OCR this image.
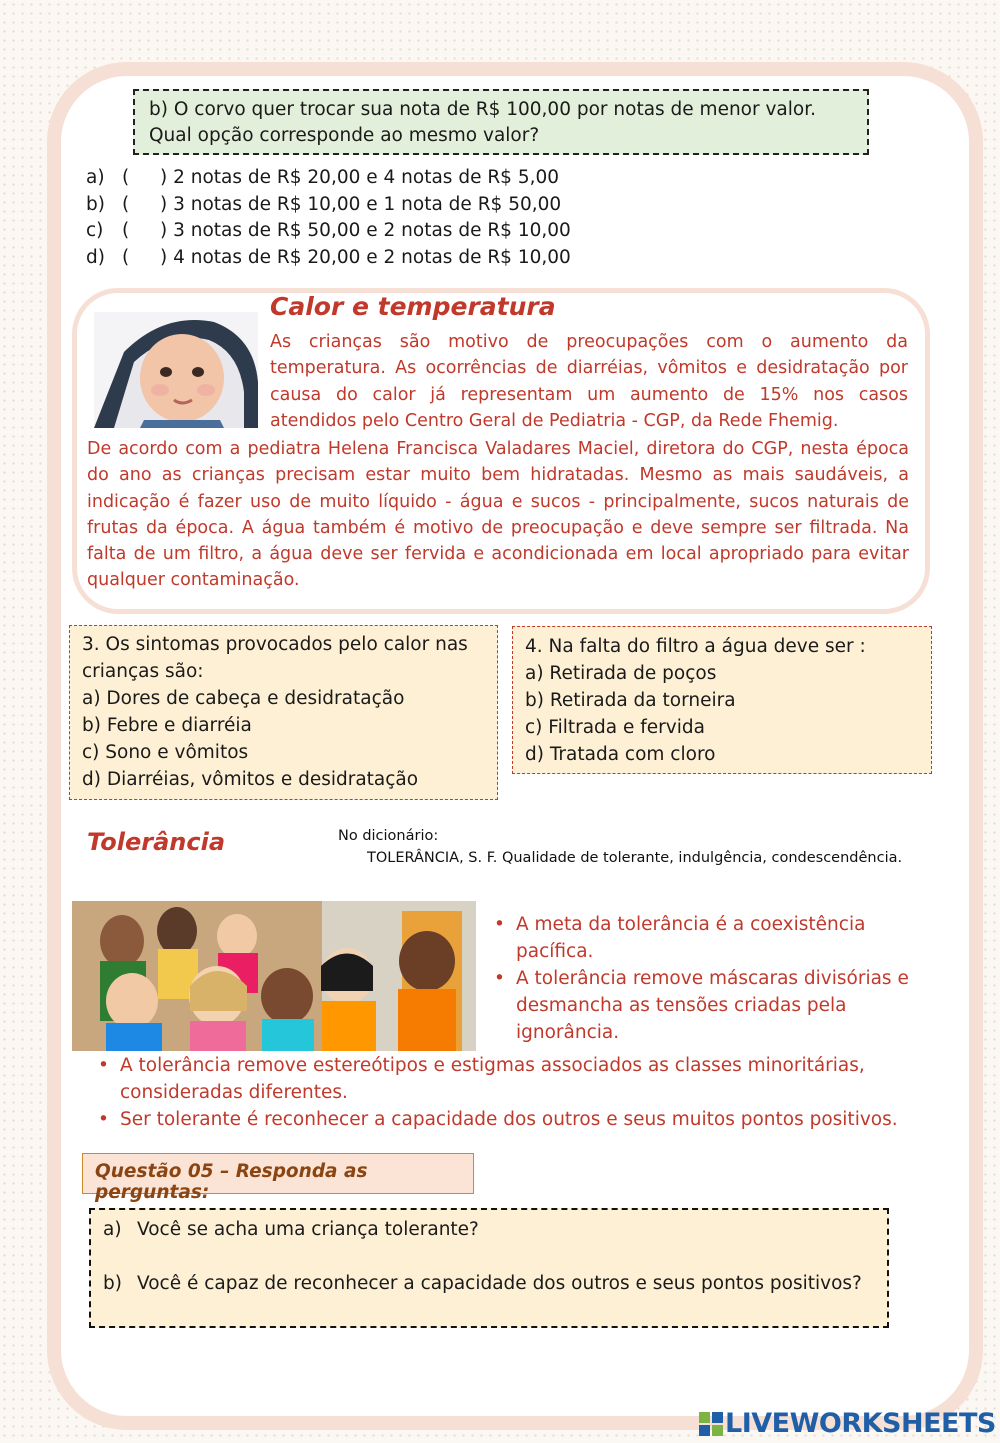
b) O corvo quer trocar sua nota de R$ 100,00 por notas de menor valor. Qual opção corresponde ao mesmo valor?
a) (	) 2 notas de R$ 20,00 e 4 notas de R$ 5,00
b) (	) 3 notas de R$ 10,00 e 1 nota de R$ 50,00
c)	(	) 3 notas de R$ 50,00 e 2 notas de R$ 10,00
d) (	) 4 notas de R$ 20,00 e 2 notas de R$ 10,00
Calor e temperatura

As crianças são motivo de preocupações com o aumento da temperatura. As ocorrências de diarréias, vômitos e desidratação por causa do calor já representam um aumento de 15% nos casos atendidos pelo Centro Geral de Pediatria - CGP, da Rede Fhemig.

De acordo com a pediatra Helena Francisca Valadares Maciel, diretora do CGP, nesta época do ano as crianças precisam estar muito bem hidratadas. Mesmo as mais saudáveis, a indicação é fazer uso de muito líquido - água e sucos - principalmente, sucos naturais de frutas da época. A água também é motivo de preocupação e deve sempre ser filtrada. Na falta de um filtro, a água deve ser fervida e acondicionada em local apropriado para evitar qualquer contaminação.

3. Os sintomas provocados pelo calor nas crianças são:
a) Dores de cabeça e desidratação
b) Febre e diarréia
c) Sono e vômitos
d) Diarréias, vômitos e desidratação
4. Na falta do filtro a água deve ser :
a) Retirada de poços
b) Retirada da torneira
c) Filtrada e fervida
d) Tratada com cloro
Tolerância	No dicionário:
TOLERÂNCIA, S. F. Qualidade de tolerante, indulgência, condescendência.
• A meta da tolerância é a coexistência pacífica.
• A tolerância remove máscaras divisórias e desmancha as tensões criadas pela ignorância.
• A tolerância remove estereótipos e estigmas associados as classes minoritárias, consideradas diferentes.
• Ser tolerante é reconhecer a capacidade dos outros e seus muitos pontos positivos.
Questão 05 – Responda as perguntas:
a) Você se acha uma criança tolerante?
b) Você é capaz de reconhecer a capacidade dos outros e seus pontos positivos?
LIVEWORKSHEETS
